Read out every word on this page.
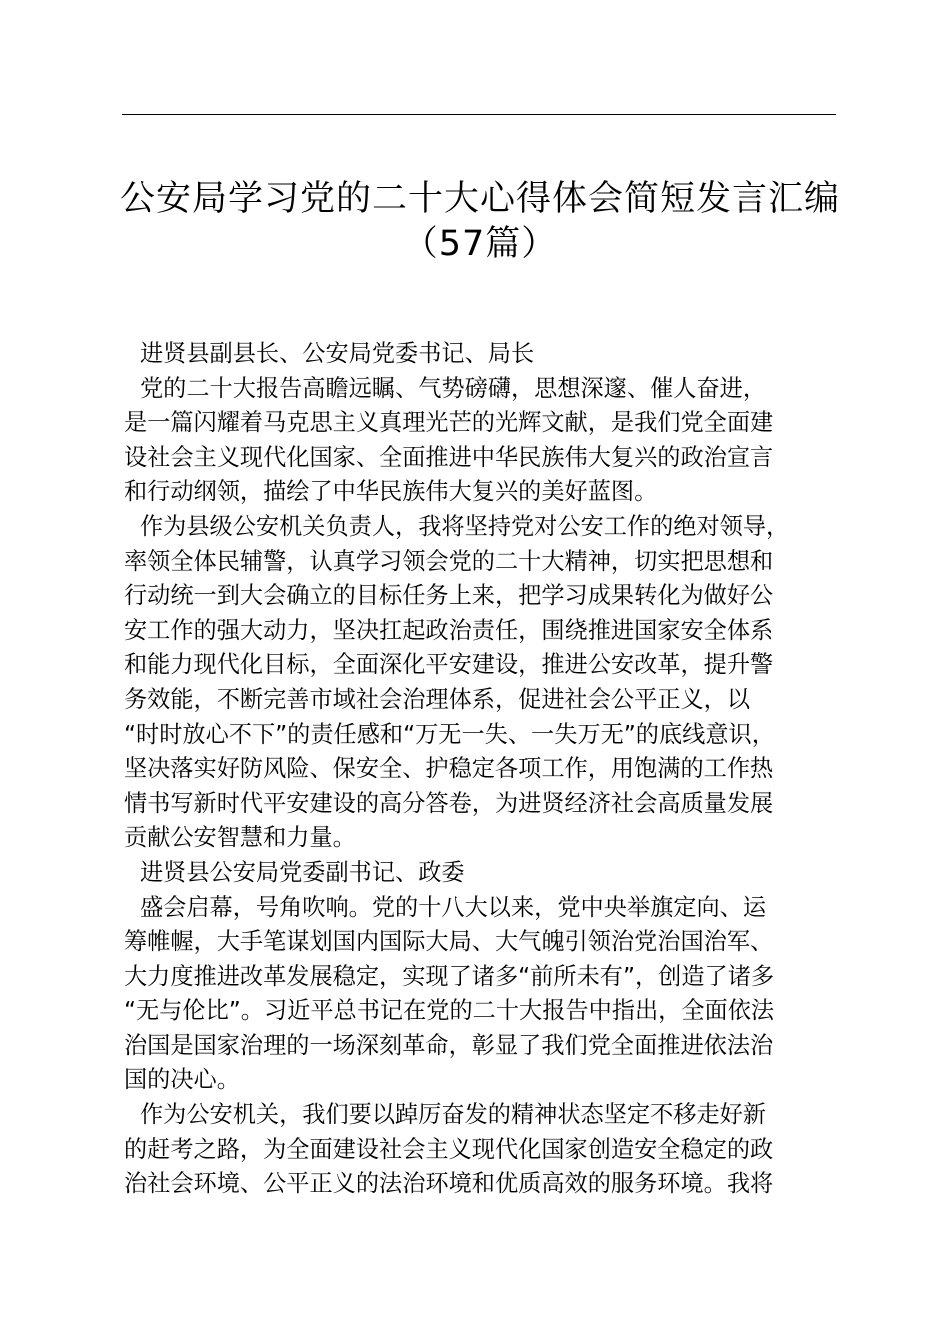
公安局学习党的二十大心得体会简短发言汇编
（57篇）
进贤县副县长、公安局党委书记、局长
党的二十大报告高瞻远瞩、气势磅礴，思想深邃、催人奋进，
是一篇闪耀着马克思主义真理光芒的光辉文献，是我们党全面建
设社会主义现代化国家、全面推进中华民族伟大复兴的政治宣言
和行动纲领，描绘了中华民族伟大复兴的美好蓝图。
作为县级公安机关负责人，我将坚持党对公安工作的绝对领导，
率领全体民辅警，认真学习领会党的二十大精神，切实把思想和
行动统一到大会确立的目标任务上来，把学习成果转化为做好公
安工作的强大动力，坚决扛起政治责任，围绕推进国家安全体系
和能力现代化目标，全面深化平安建设，推进公安改革，提升警
务效能，不断完善市域社会治理体系，促进社会公平正义，以
“时时放心不下”的责任感和“万无一失、一失万无”的底线意识，
坚决落实好防风险、保安全、护稳定各项工作，用饱满的工作热
情书写新时代平安建设的高分答卷，为进贤经济社会高质量发展
贡献公安智慧和力量。
进贤县公安局党委副书记、政委
盛会启幕，号角吹响。党的十八大以来，党中央举旗定向、运
筹帷幄，大手笔谋划国内国际大局、大气魄引领治党治国治军、
大力度推进改革发展稳定，实现了诸多“前所未有”，创造了诸多
“无与伦比”。习近平总书记在党的二十大报告中指出，全面依法
治国是国家治理的一场深刻革命，彰显了我们党全面推进依法治
国的决心。
作为公安机关，我们要以踔厉奋发的精神状态坚定不移走好新
的赶考之路，为全面建设社会主义现代化国家创造安全稳定的政
治社会环境、公平正义的法治环境和优质高效的服务环境。我将
